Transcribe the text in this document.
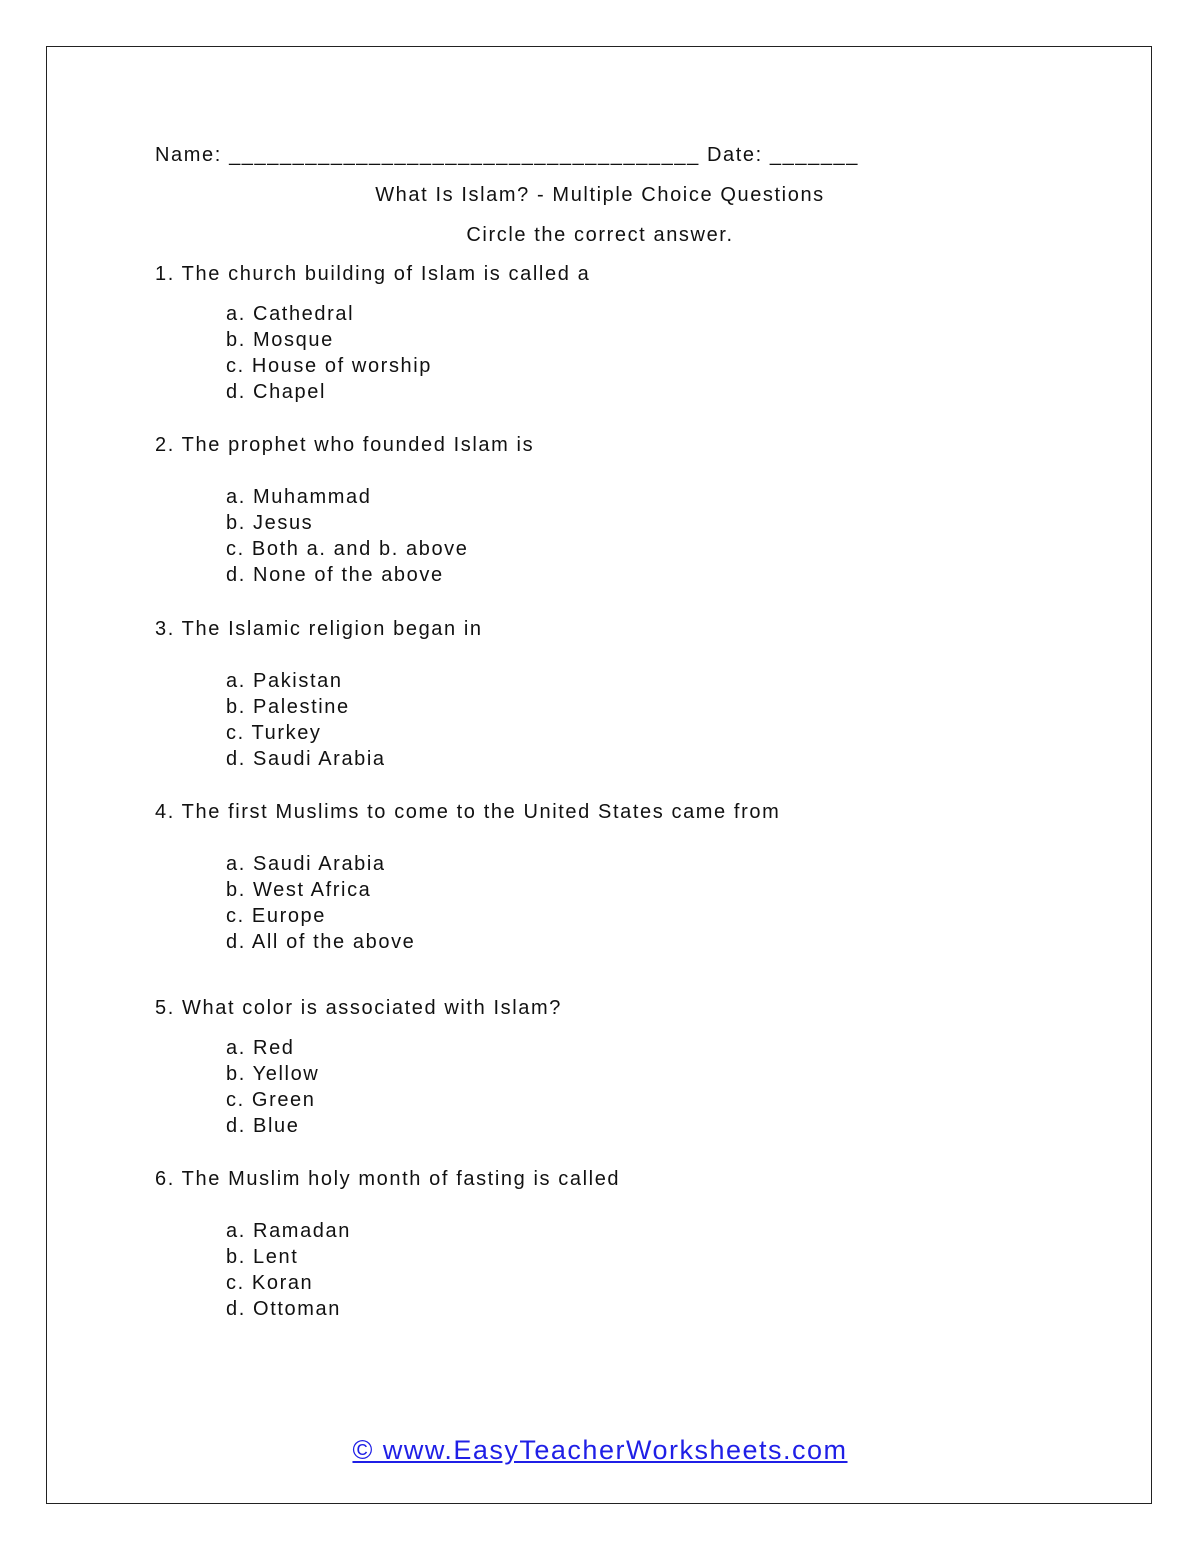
Name: _____________________________________ Date: _______

What Is Islam? - Multiple Choice Questions

Circle the correct answer.

1. The church building of Islam is called a

a. Cathedral
b. Mosque
c. House of worship
d. Chapel

2. The prophet who founded Islam is

a. Muhammad
b. Jesus
c. Both a. and b. above
d. None of the above

3. The Islamic religion began in

a. Pakistan
b. Palestine
c. Turkey
d. Saudi Arabia

4. The first Muslims to come to the United States came from

a. Saudi Arabia
b. West Africa
c. Europe
d. All of the above

5. What color is associated with Islam?

a. Red
b. Yellow
c. Green
d. Blue

6. The Muslim holy month of fasting is called

a. Ramadan
b. Lent
c. Koran
d. Ottoman
© www.EasyTeacherWorksheets.com
